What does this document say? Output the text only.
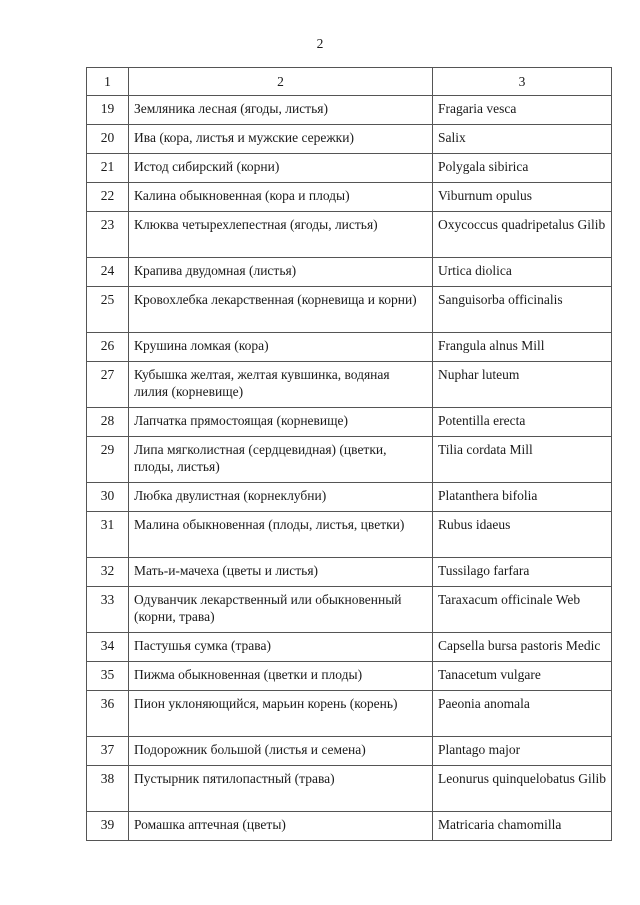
2
1	2	3
19	Земляника лесная (ягоды, листья)	Fragaria vesca
20	Ива (кора, листья и мужские сережки)	Salix
21	Истод сибирский (корни)	Polygala sibirica
22	Калина обыкновенная (кора и плоды)	Viburnum opulus
23	Клюква четырехлепестная (ягоды, листья)	Oxycoccus quadripetalus Gilib
24	Крапива двудомная (листья)	Urtica diolica
25	Кровохлебка лекарственная (корневища и корни)	Sanguisorba officinalis
26	Крушина ломкая (кора)	Frangula alnus Mill
27	Кубышка желтая, желтая кувшинка, водяная лилия (корневище)	Nuphar luteum
28	Лапчатка прямостоящая (корневище)	Potentilla erecta
29	Липа мягколистная (сердцевидная) (цветки, плоды, листья)	Tilia cordata Mill
30	Любка двулистная (корнеклубни)	Platanthera bifolia
31	Малина обыкновенная (плоды, листья, цветки)	Rubus idaeus
32	Мать-и-мачеха (цветы и листья)	Tussilago farfara
33	Одуванчик лекарственный или обыкновенный (корни, трава)	Taraxacum officinale Web
34	Пастушья сумка (трава)	Capsella bursa pastoris Medic
35	Пижма обыкновенная (цветки и плоды)	Tanacetum vulgare
36	Пион уклоняющийся, марьин корень (корень)	Paeonia anomala
37	Подорожник большой (листья и семена)	Plantago major
38	Пустырник пятилопастный (трава)	Leonurus quinquelobatus Gilib
39	Ромашка аптечная (цветы)	Matricaria chamomilla
